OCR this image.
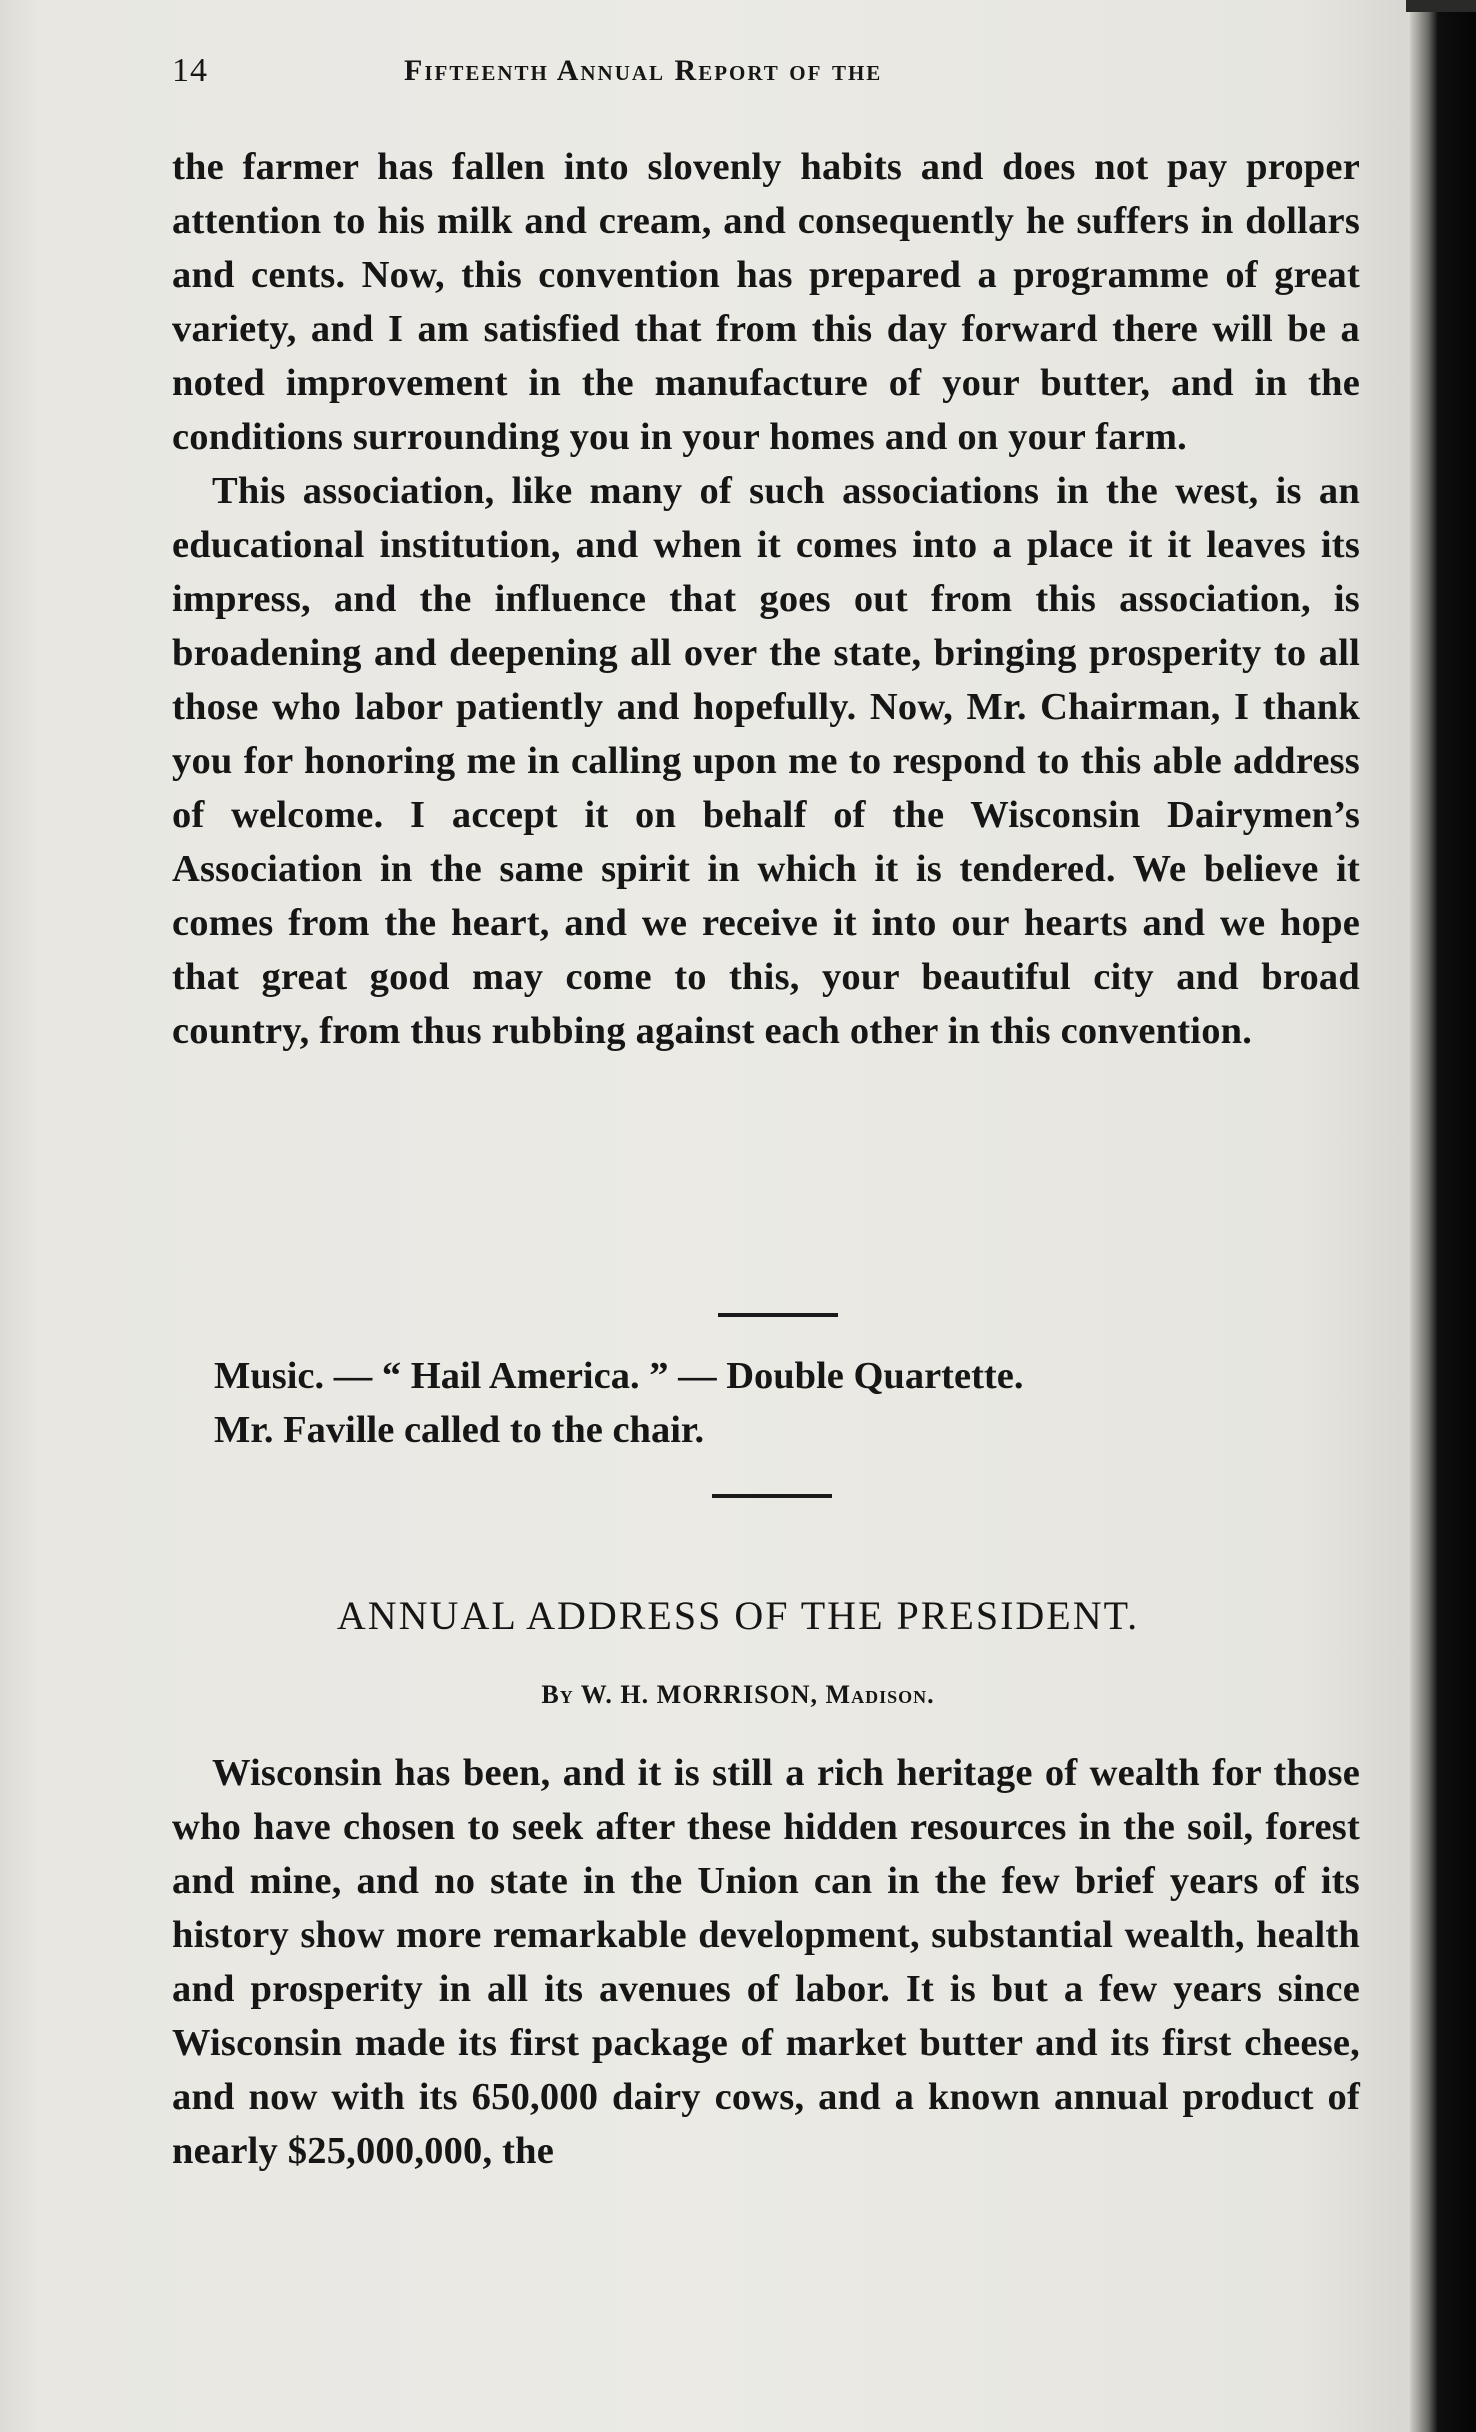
14	Fifteenth Annual Report of the

the farmer has fallen into slovenly habits and does not pay proper attention to his milk and cream, and consequently he suffers in dollars and cents. Now, this convention has prepared a programme of great variety, and I am satisfied that from this day forward there will be a noted improvement in the manufacture of your butter, and in the conditions surrounding you in your homes and on your farm.

This association, like many of such associations in the west, is an educational institution, and when it comes into a place it it leaves its impress, and the influence that goes out from this association, is broadening and deepening all over the state, bringing prosperity to all those who labor patiently and hopefully. Now, Mr. Chairman, I thank you for honoring me in calling upon me to respond to this able address of welcome. I accept it on behalf of the Wisconsin Dairymen’s Association in the same spirit in which it is tendered. We believe it comes from the heart, and we receive it into our hearts and we hope that great good may come to this, your beautiful city and broad country, from thus rubbing against each other in this convention.

Music. — “ Hail America. ” — Double Quartette.
Mr. Faville called to the chair.
ANNUAL ADDRESS OF THE PRESIDENT.
By W. H. MORRISON, Madison.

Wisconsin has been, and it is still a rich heritage of wealth for those who have chosen to seek after these hidden resources in the soil, forest and mine, and no state in the Union can in the few brief years of its history show more remarkable development, substantial wealth, health and prosperity in all its avenues of labor. It is but a few years since Wisconsin made its first package of market butter and its first cheese, and now with its 650,000 dairy cows, and a known annual product of nearly $25,000,000, the
